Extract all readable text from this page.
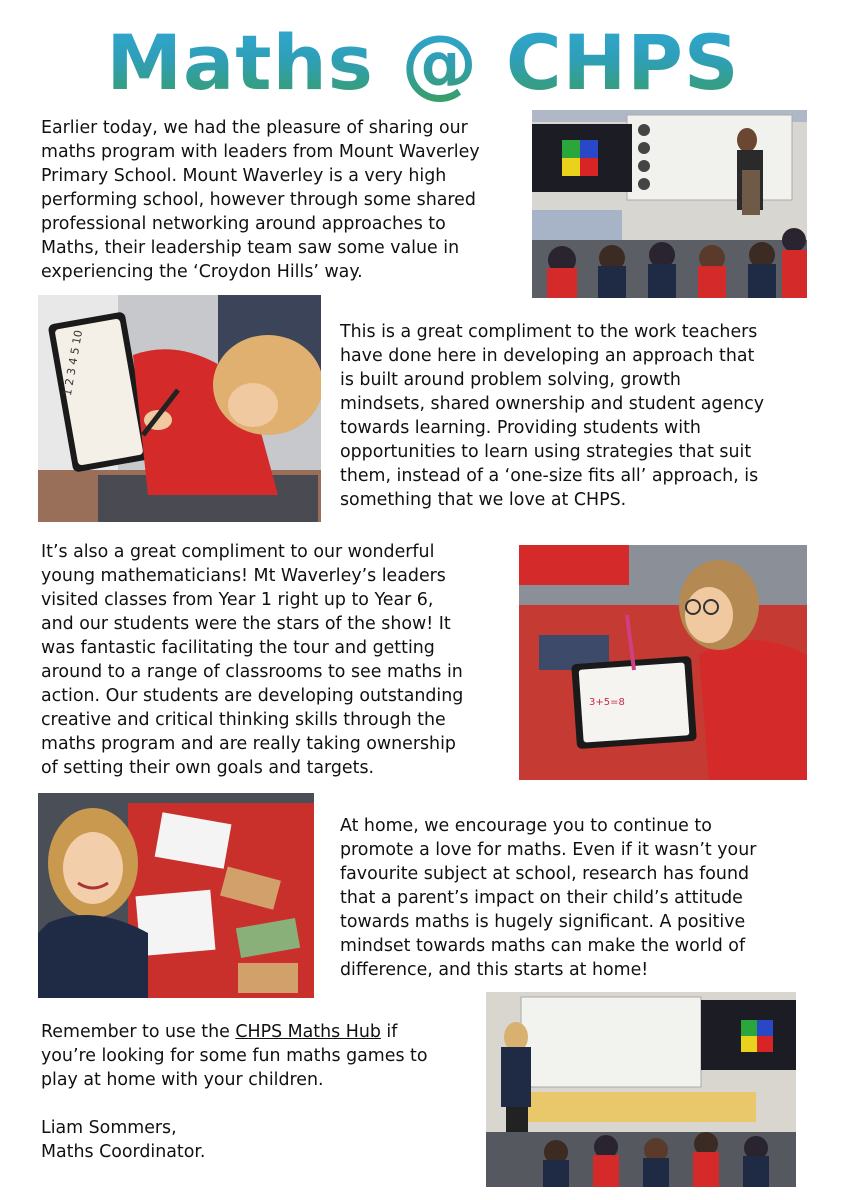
Maths @ CHPS

Earlier today, we had the pleasure of sharing our
maths program with leaders from Mount Waverley
Primary School. Mount Waverley is a very high
performing school, however through some shared
professional networking around approaches to
Maths, their leadership team saw some value in
experiencing the ‘Croydon Hills’ way.

1 2 3 4 5 10	This is a great compliment to the work teachers
have done here in developing an approach that
is built around problem solving, growth
mindsets, shared ownership and student agency
towards learning. Providing students with
opportunities to learn using strategies that suit
them, instead of a ‘one-size fits all’ approach, is
something that we love at CHPS.

It’s also a great compliment to our wonderful
young mathematicians! Mt Waverley’s leaders
visited classes from Year 1 right up to Year 6,
and our students were the stars of the show! It
was fantastic facilitating the tour and getting
around to a range of classrooms to see maths in
action. Our students are developing outstanding
creative and critical thinking skills through the
maths program and are really taking ownership
of setting their own goals and targets.

3+5=8

At home, we encourage you to continue to
promote a love for maths. Even if it wasn’t your
favourite subject at school, research has found
that a parent’s impact on their child’s attitude
towards maths is hugely significant. A positive
mindset towards maths can make the world of
difference, and this starts at home!

Remember to use the CHPS Maths Hub if
you’re looking for some fun maths games to
play at home with your children.

Liam Sommers,
Maths Coordinator.
